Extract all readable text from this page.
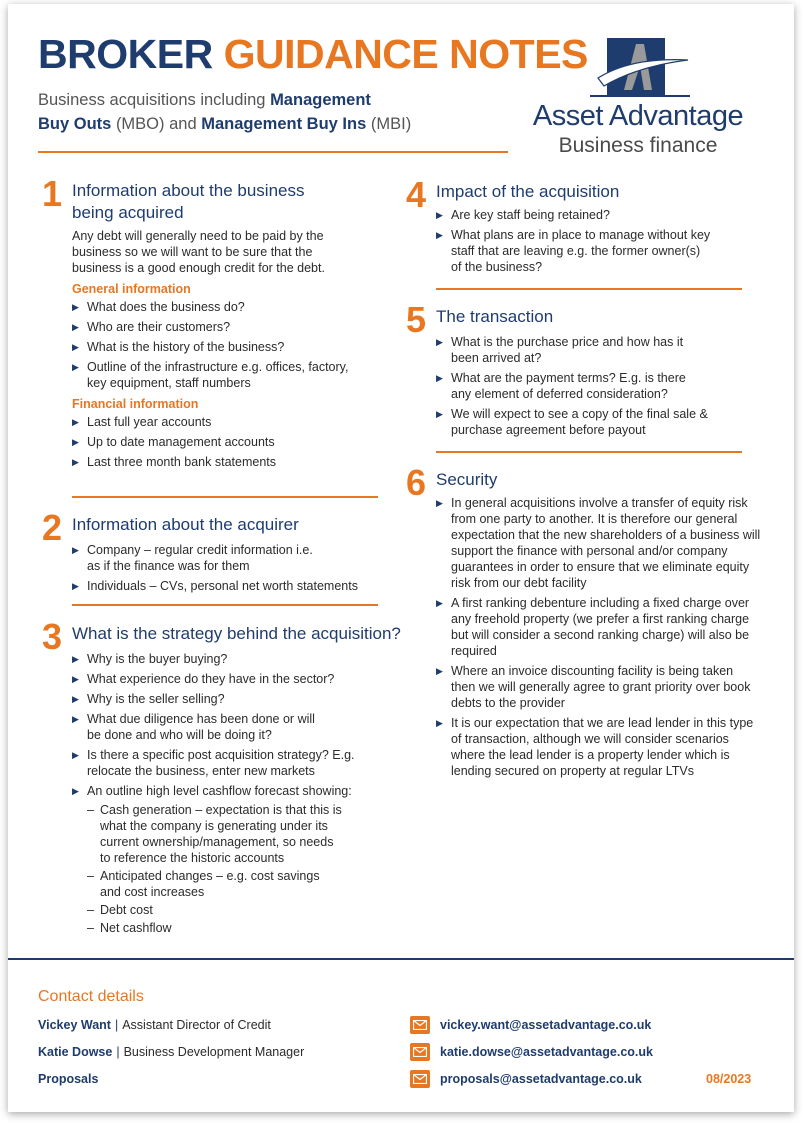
BROKER GUIDANCE NOTES
Business acquisitions including Management
Buy Outs (MBO) and Management Buy Ins (MBI)	Asset Advantage
Business finance
1 Information about the business
being acquired

Any debt will generally need to be paid by the business so we will want to be sure that the business is a good enough credit for the debt.

General information
▶ What does the business do?
▶ Who are their customers?
▶ What is the history of the business?
▶ Outline of the infrastructure e.g. offices, factory, key equipment, staff numbers
Financial information
▶ Last full year accounts
▶ Up to date management accounts
▶ Last three month bank statements
2 Information about the acquirer
▶ Company – regular credit information i.e. as if the finance was for them
▶ Individuals – CVs, personal net worth statements
3 What is the strategy behind the acquisition?
▶ Why is the buyer buying?
▶ What experience do they have in the sector?
▶ Why is the seller selling?
▶ What due diligence has been done or will be done and who will be doing it?
▶ Is there a specific post acquisition strategy? E.g. relocate the business, enter new markets
▶ An outline high level cashflow forecast showing:
– Cash generation – expectation is that this is what the company is generating under its current ownership/management, so needs to reference the historic accounts
– Anticipated changes – e.g. cost savings and cost increases
– Debt cost
– Net cashflow
4 Impact of the acquisition
▶ Are key staff being retained?
▶ What plans are in place to manage without key staff that are leaving e.g. the former owner(s) of the business?
5 The transaction
▶ What is the purchase price and how has it been arrived at?
▶ What are the payment terms? E.g. is there any element of deferred consideration?
▶ We will expect to see a copy of the final sale & purchase agreement before payout
6 Security
▶ In general acquisitions involve a transfer of equity risk from one party to another. It is therefore our general expectation that the new shareholders of a business will support the finance with personal and/or company guarantees in order to ensure that we eliminate equity risk from our debt facility
▶ A first ranking debenture including a fixed charge over any freehold property (we prefer a first ranking charge but will consider a second ranking charge) will also be required
▶ Where an invoice discounting facility is being taken then we will generally agree to grant priority over book debts to the provider
▶ It is our expectation that we are lead lender in this type of transaction, although we will consider scenarios where the lead lender is a property lender which is lending secured on property at regular LTVs
Contact details
Vickey Want | Assistant Director of Credit
Katie Dowse | Business Development Manager
Proposals
vickey.want@assetadvantage.co.uk
katie.dowse@assetadvantage.co.uk
proposals@assetadvantage.co.uk	08/2023
